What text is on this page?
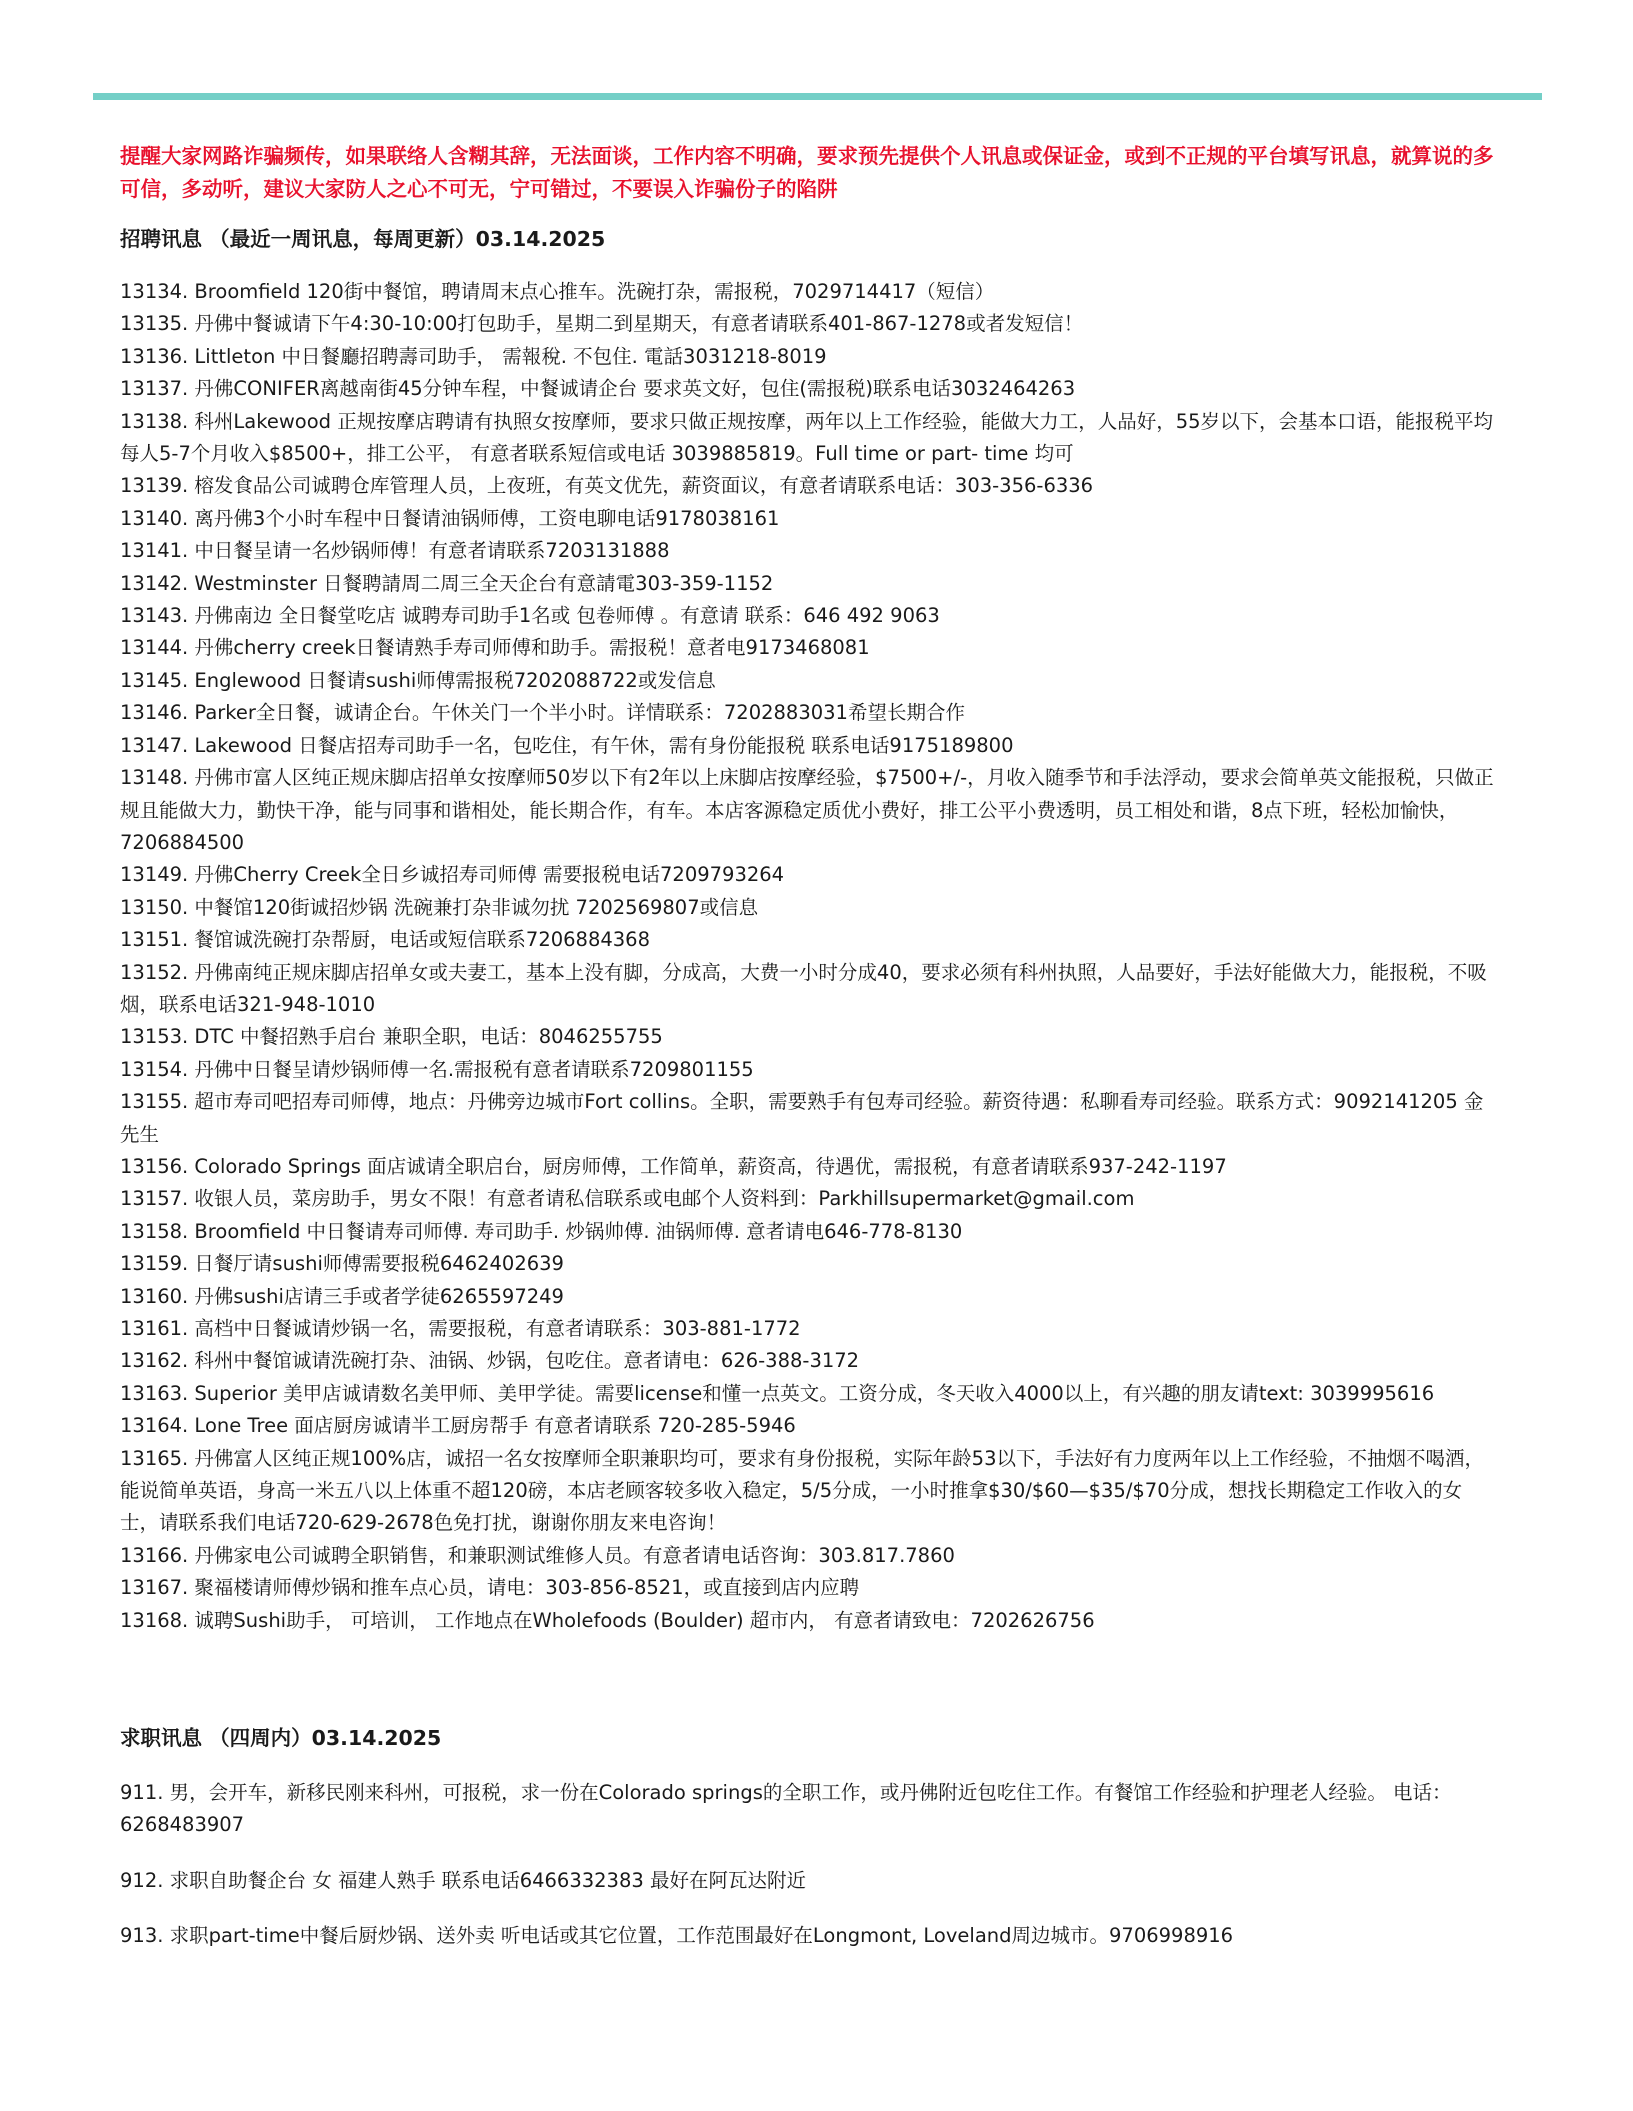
提醒大家网路诈骗频传，如果联络人含糊其辞，无法面谈，工作内容不明确，要求预先提供个人讯息或保证金，或到不正规的平台填写讯息，就算说的多可信，多动听，建议大家防人之心不可无，宁可错过，不要误入诈骗份子的陷阱

招聘讯息 （最近一周讯息，每周更新）03.14.2025

13134. Broomfield 120街中餐馆，聘请周末点心推车。洗碗打杂，需报税，7029714417（短信）

13135. 丹佛中餐诚请下午4:30-10:00打包助手，星期二到星期天，有意者请联系401-867-1278或者发短信！

13136. Littleton 中日餐廳招聘壽司助手， 需報稅. 不包住. 電話3031218-8019

13137. 丹佛CONIFER离越南街45分钟车程，中餐诚请企台 要求英文好，包住(需报税)联系电话3032464263

13138. 科州Lakewood 正规按摩店聘请有执照女按摩师，要求只做正规按摩，两年以上工作经验，能做大力工，人品好，55岁以下，会基本口语，能报税平均每人5-7个月收入$8500+，排工公平， 有意者联系短信或电话 3039885819。Full time or part- time 均可

13139. 榕发食品公司诚聘仓库管理人员，上夜班，有英文优先，薪资面议，有意者请联系电话：303-356-6336

13140. 离丹佛3个小时车程中日餐请油锅师傅，工资电聊电话9178038161

13141. 中日餐呈请一名炒锅师傅！有意者请联系7203131888

13142. Westminster 日餐聘請周二周三全天企台有意請電303-359-1152

13143. 丹佛南边 全日餐堂吃店 诚聘寿司助手1名或 包卷师傅 。有意请 联系：646 492 9063

13144. 丹佛cherry creek日餐请熟手寿司师傅和助手。需报税！意者电9173468081

13145. Englewood 日餐请sushi师傅需报税7202088722或发信息

13146. Parker全日餐，诚请企台。午休关门一个半小时。详情联系：7202883031希望长期合作

13147. Lakewood 日餐店招寿司助手一名，包吃住，有午休，需有身份能报税 联系电话9175189800

13148. 丹佛市富人区纯正规床脚店招单女按摩师50岁以下有2年以上床脚店按摩经验，$7500+/-，月收入随季节和手法浮动，要求会简单英文能报税，只做正规且能做大力，勤快干净，能与同事和谐相处，能长期合作，有车。本店客源稳定质优小费好，排工公平小费透明，员工相处和谐，8点下班，轻松加愉快，7206884500

13149. 丹佛Cherry Creek全日乡诚招寿司师傅 需要报税电话7209793264

13150. 中餐馆120街诚招炒锅 洗碗兼打杂非诚勿扰 7202569807或信息

13151. 餐馆诚洗碗打杂帮厨，电话或短信联系7206884368

13152. 丹佛南纯正规床脚店招单女或夫妻工，基本上没有脚，分成高，大费一小时分成40，要求必须有科州执照，人品要好，手法好能做大力，能报税，不吸烟，联系电话321-948-1010

13153. DTC 中餐招熟手启台 兼职全职，电话：8046255755

13154. 丹佛中日餐呈请炒锅师傅一名.需报税有意者请联系7209801155

13155. 超市寿司吧招寿司师傅，地点：丹佛旁边城市Fort collins。全职，需要熟手有包寿司经验。薪资待遇：私聊看寿司经验。联系方式：9092141205 金先生

13156. Colorado Springs 面店诚请全职启台，厨房师傅，工作简单，薪资高，待遇优，需报税，有意者请联系937-242-1197

13157. 收银人员，菜房助手，男女不限！有意者请私信联系或电邮个人资料到：Parkhillsupermarket@gmail.com

13158. Broomfield 中日餐请寿司师傅. 寿司助手. 炒锅帅傅. 油锅师傅. 意者请电646-778-8130

13159. 日餐厅请sushi师傅需要报税6462402639

13160. 丹佛sushi店请三手或者学徒6265597249

13161. 高档中日餐诚请炒锅一名，需要报税，有意者请联系：303-881-1772

13162. 科州中餐馆诚请洗碗打杂、油锅、炒锅，包吃住。意者请电：626-388-3172

13163. Superior 美甲店诚请数名美甲师、美甲学徒。需要license和懂一点英文。工资分成，冬天收入4000以上，有兴趣的朋友请text: 3039995616

13164. Lone Tree 面店厨房诚请半工厨房帮手 有意者请联系 720-285-5946

13165. 丹佛富人区纯正规100%店，诚招一名女按摩师全职兼职均可，要求有身份报税，实际年龄53以下，手法好有力度两年以上工作经验，不抽烟不喝酒，能说简单英语，身高一米五八以上体重不超120磅，本店老顾客较多收入稳定，5/5分成，一小时推拿$30/$60—$35/$70分成，想找长期稳定工作收入的女士，请联系我们电话720-629-2678色免打扰，谢谢你朋友来电咨询！

13166. 丹佛家电公司诚聘全职销售，和兼职测试维修人员。有意者请电话咨询：303.817.7860

13167. 聚福楼请师傅炒锅和推车点心员，请电：303-856-8521，或直接到店内应聘

13168. 诚聘Sushi助手， 可培训， 工作地点在Wholefoods (Boulder) 超市内， 有意者请致电：7202626756

求职讯息 （四周内）03.14.2025

911. 男，会开车，新移民刚来科州，可报税，求一份在Colorado springs的全职工作，或丹佛附近包吃住工作。有餐馆工作经验和护理老人经验。 电话：6268483907

912. 求职自助餐企台 女 福建人熟手 联系电话6466332383 最好在阿瓦达附近

913. 求职part-time中餐后厨炒锅、送外卖 听电话或其它位置，工作范围最好在Longmont, Loveland周边城市。9706998916
